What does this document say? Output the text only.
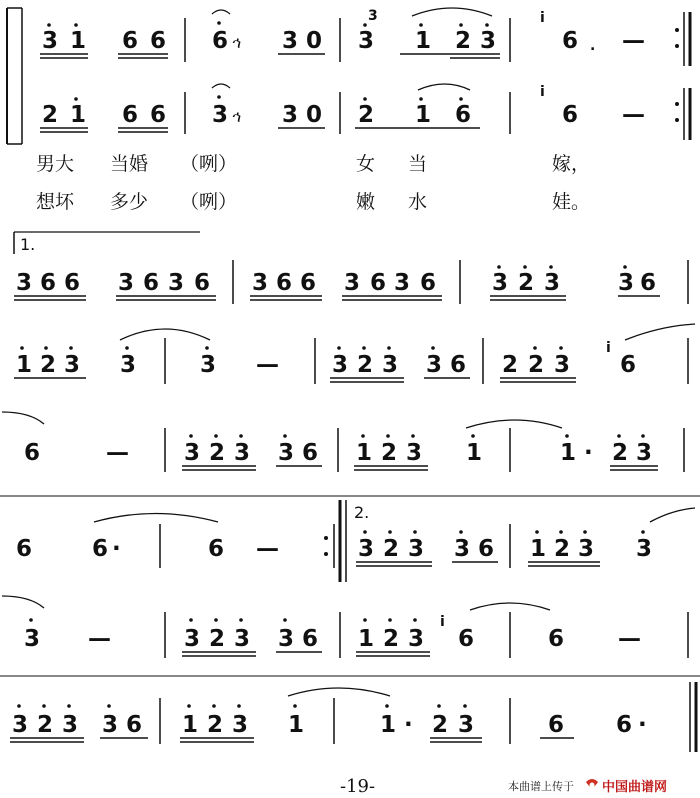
3 1 6 6 6 ኅ 3 0 3 1 2 3	6 —
2 1 6 6 3 ኅ 3 0 2 1 6	6 —
3	i
i
.
男大 当婚 （咧）	女 当	嫁，
想坏 多少 （咧）	嫩 水	娃。
1.
3 6 6 3 6 3 6 3 6 6 3 6 3 6 3 2 3	3 6
1 2 3 3	3 — 3 2 3 3 6 2 2 3 6
i
6	— 3 2 3 3 6 1 2 3 1	1 · 2 3
2.
6	6 ·	6 —	3 2 3 3 6 1 2 3 3
3 —	3 2 3 3 6 1 2 3 6	6 —
i
3 2 3 3 6 1 2 3 1	1 · 2 3	6 6 ·
-19-	本曲谱上传于 中国曲谱网
